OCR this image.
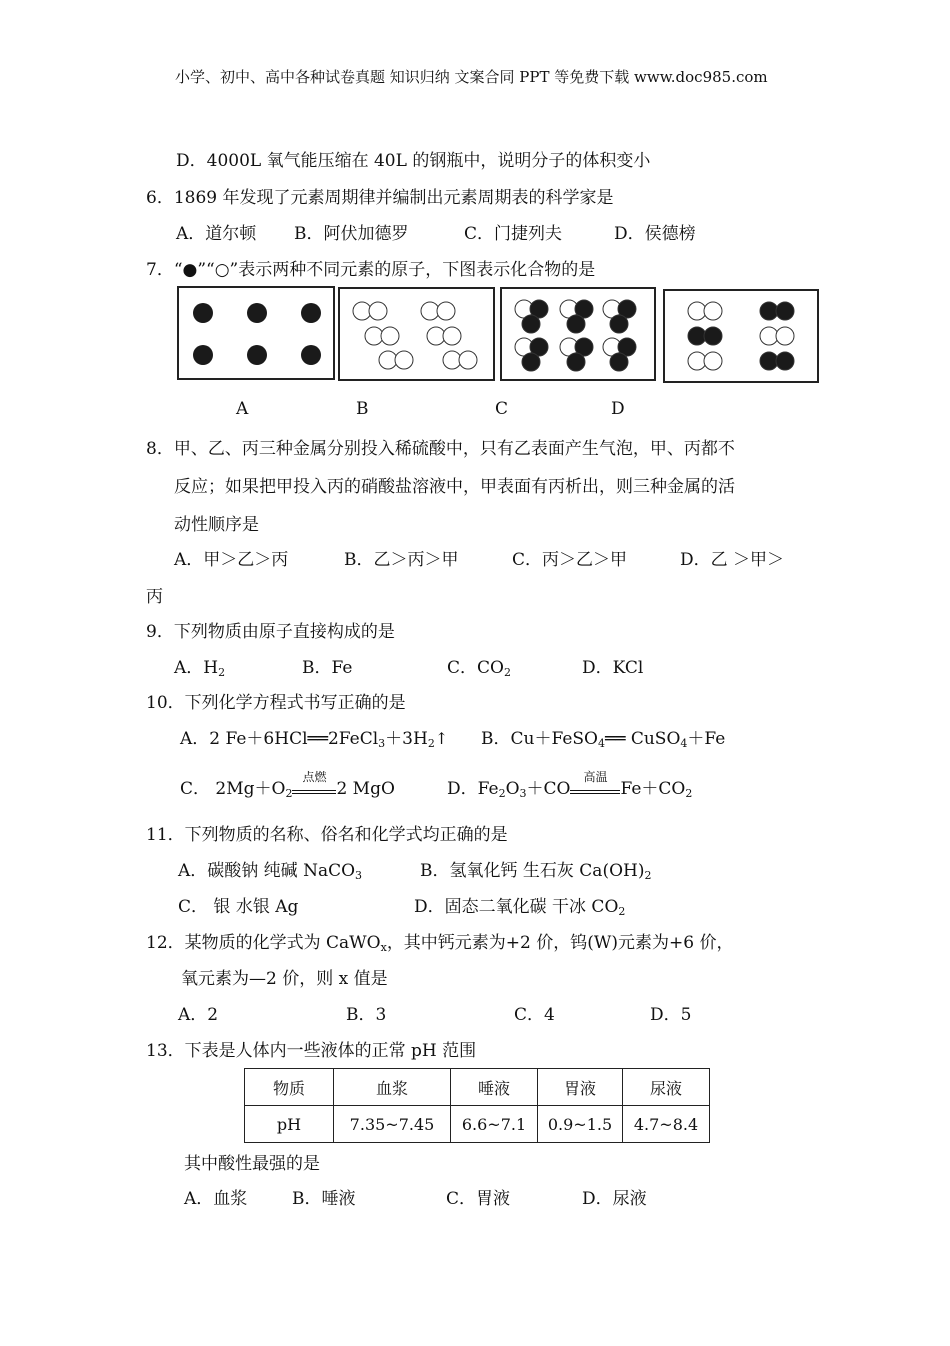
小学、初中、高中各种试卷真题 知识归纳 文案合同 PPT 等免费下载 www.doc985.com
D．4000L 氧气能压缩在 40L 的钢瓶中，说明分子的体积变小
6．1869 年发现了元素周期律并编制出元素周期表的科学家是
A．道尔顿 B．阿伏加德罗	C．门捷列夫	D．侯德榜
7．“●”“○”表示两种不同元素的原子，下图表示化合物的是
A	B	C	D
8．甲、乙、丙三种金属分别投入稀硫酸中，只有乙表面产生气泡，甲、丙都不
反应；如果把甲投入丙的硝酸盐溶液中，甲表面有丙析出，则三种金属的活
动性顺序是
A．甲＞乙＞丙	B．乙＞丙＞甲	C．丙＞乙＞甲	D．乙 ＞甲＞
丙
9．下列物质由原子直接构成的是
A．$H_2$	B．Fe	C．$CO_2$	D．KCl
10．下列化学方程式书写正确的是
A．2 $Fe+6HCl══2FeCl_3+3H_2↑$ B．Cu＋FeSO$_4$══ CuSO$_4$＋Fe
C． $2Mg+O_2$
点燃
2 MgO	D．$Fe_2O_3+CO$
高温
$Fe+CO_2$
11．下列物质的名称、俗名和化学式均正确的是
A．碳酸钠 纯碱 NaCO$_3$	B．氢氧化钙 生石灰 $Ca(OH)_2$
C． 银 水银 Ag	D．固态二氧化碳 干冰 $CO_2$
12．某物质的化学式为 CaWO$_x$，其中钙元素为+2 价，钨(W)元素为+6 价，
氧元素为—2 价，则 x 值是
A．2	B．3	C．4	D．5
13．下表是人体内一些液体的正常 pH 范围
物质	血浆	唾液	胃液	尿液
pH	7.35~7.45	6.6~7.1	0.9~1.5	4.7~8.4
其中酸性最强的是
A．血浆	B．唾液	C．胃液	D．尿液
